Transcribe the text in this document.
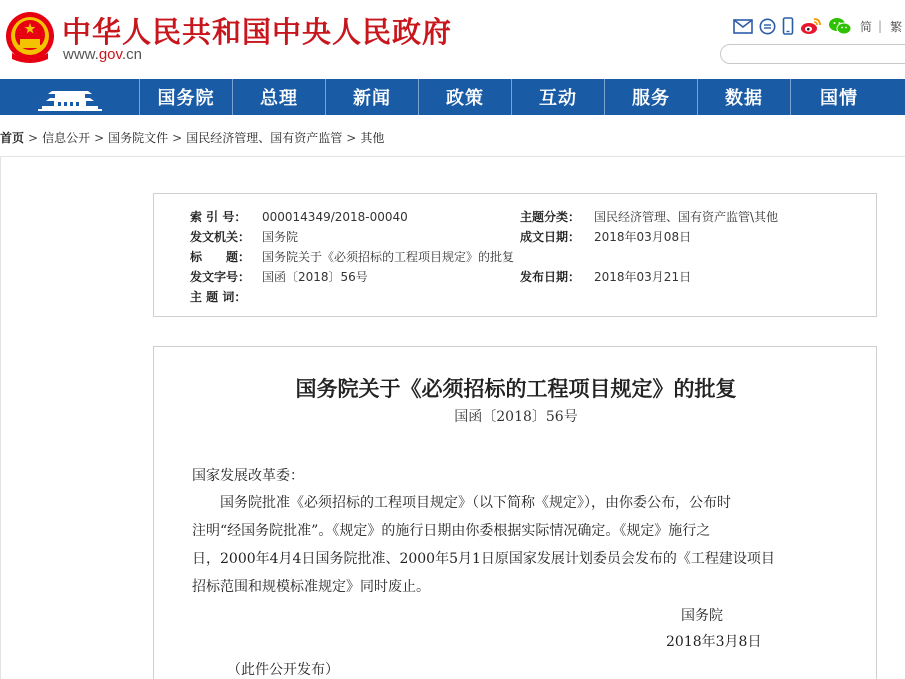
中华人民共和国中央人民政府
www.gov.cn
简 | 繁
国务院	总理	新闻	政策	互动	服务	数据	国情
首页 > 信息公开 > 国务院文件 > 国民经济管理、国有资产监管 > 其他
索 引 号： 000014349/2018-00040	主题分类： 国民经济管理、国有资产监管\其他
发文机关： 国务院	成文日期： 2018年03月08日
标　　题： 国务院关于《必须招标的工程项目规定》的批复
发文字号： 国函〔2018〕56号	发布日期： 2018年03月21日
主 题 词：
国务院关于《必须招标的工程项目规定》的批复
国函〔2018〕56号
国家发展改革委：
国务院批准《必须招标的工程项目规定》（以下简称《规定》），由你委公布，公布时
注明“经国务院批准”。《规定》的施行日期由你委根据实际情况确定。《规定》施行之
日，2000年4月4日国务院批准、2000年5月1日原国家发展计划委员会发布的《工程建设项目
招标范围和规模标准规定》同时废止。
国务院
2018年3月8日
（此件公开发布）
